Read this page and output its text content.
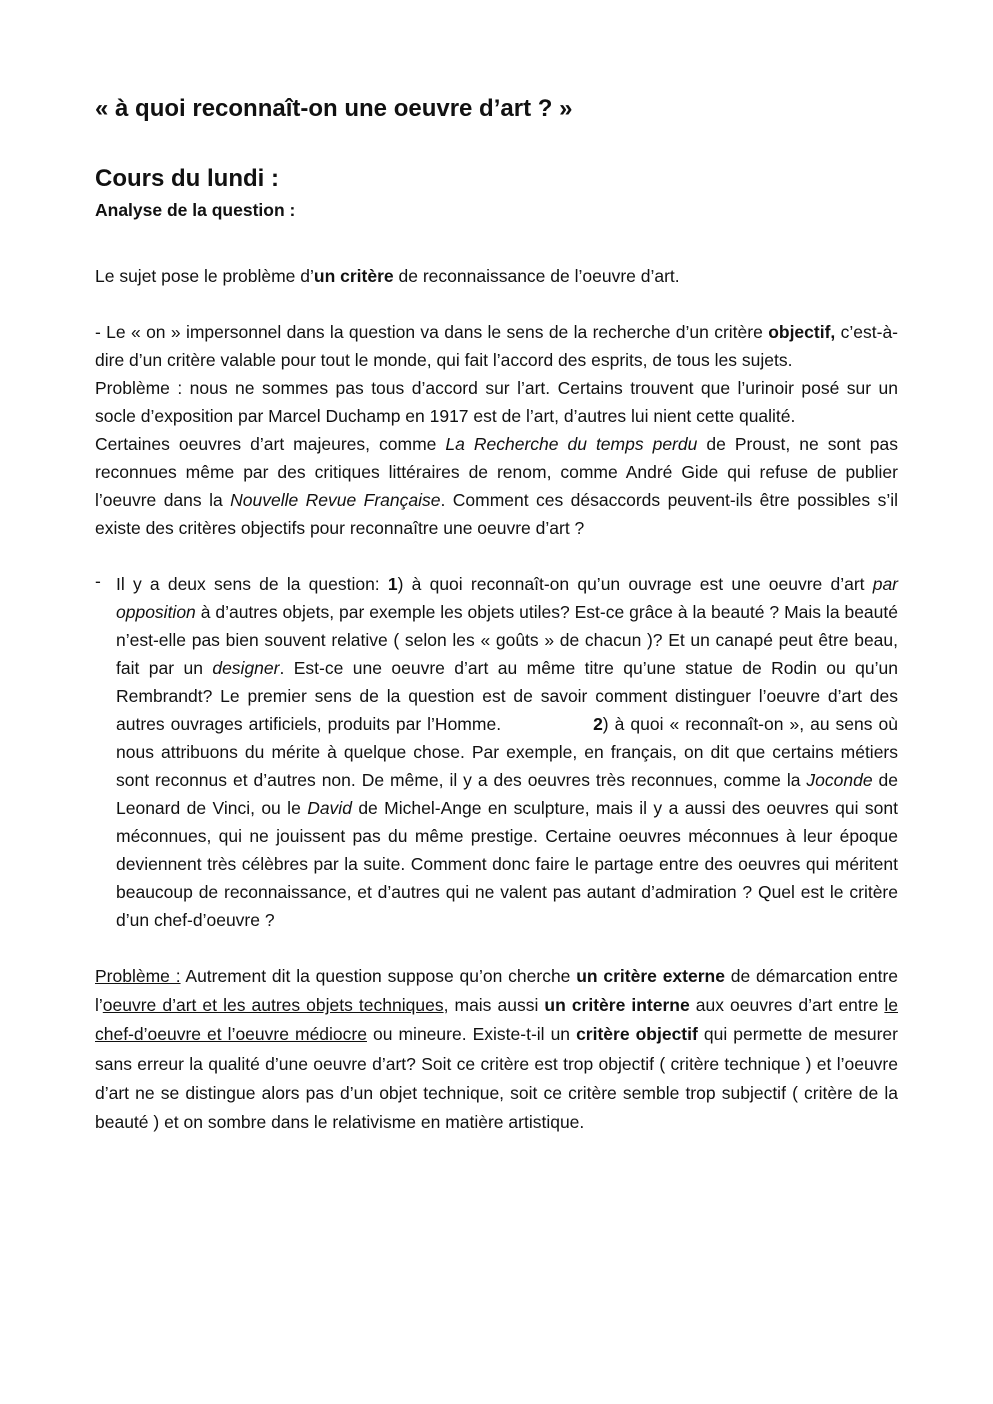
« à quoi reconnaît-on une oeuvre d’art ? »
Cours du lundi :
Analyse de la question :

Le sujet pose le problème d’un critère de reconnaissance de l’oeuvre d’art.

- Le « on » impersonnel dans la question va dans le sens de la recherche d’un critère objectif, c’est-à-dire d’un critère valable pour tout le monde, qui fait l’accord des esprits, de tous les sujets.

Problème : nous ne sommes pas tous d’accord sur l’art. Certains trouvent que l’urinoir posé sur un socle d’exposition par Marcel Duchamp en 1917 est de l’art, d’autres lui nient cette qualité.

Certaines oeuvres d’art majeures, comme La Recherche du temps perdu de Proust, ne sont pas reconnues même par des critiques littéraires de renom, comme André Gide qui refuse de publier l’oeuvre dans la Nouvelle Revue Française. Comment ces désaccords peuvent-ils être possibles s’il existe des critères objectifs pour reconnaître une oeuvre d’art ?

- Il y a deux sens de la question: 1) à quoi reconnaît-on qu’un ouvrage est une oeuvre d’art par opposition à d’autres objets, par exemple les objets utiles? Est-ce grâce à la beauté ? Mais la beauté n’est-elle pas bien souvent relative ( selon les « goûts » de chacun )? Et un canapé peut être beau, fait par un designer. Est-ce une oeuvre d’art au même titre qu’une statue de Rodin ou qu’un Rembrandt? Le premier sens de la question est de savoir comment distinguer l’oeuvre d’art des autres ouvrages artificiels, produits par l’Homme.	2) à quoi « reconnaît-on », au sens où nous attribuons du mérite à quelque chose. Par exemple, en français, on dit que certains métiers sont reconnus et d’autres non. De même, il y a des oeuvres très reconnues, comme la Joconde de Leonard de Vinci, ou le David de Michel-Ange en sculpture, mais il y a aussi des oeuvres qui sont méconnues, qui ne jouissent pas du même prestige. Certaine oeuvres méconnues à leur époque deviennent très célèbres par la suite. Comment donc faire le partage entre des oeuvres qui méritent beaucoup de reconnaissance, et d’autres qui ne valent pas autant d’admiration ? Quel est le critère d’un chef-d’oeuvre ?

Problème : Autrement dit la question suppose qu’on cherche un critère externe de démarcation entre l’oeuvre d’art et les autres objets techniques, mais aussi un critère interne aux oeuvres d’art entre le chef-d’oeuvre et l’oeuvre médiocre ou mineure. Existe-t-il un critère objectif qui permette de mesurer sans erreur la qualité d’une oeuvre d’art? Soit ce critère est trop objectif ( critère technique ) et l’oeuvre d’art ne se distingue alors pas d’un objet technique, soit ce critère semble trop subjectif ( critère de la beauté ) et on sombre dans le relativisme en matière artistique.
